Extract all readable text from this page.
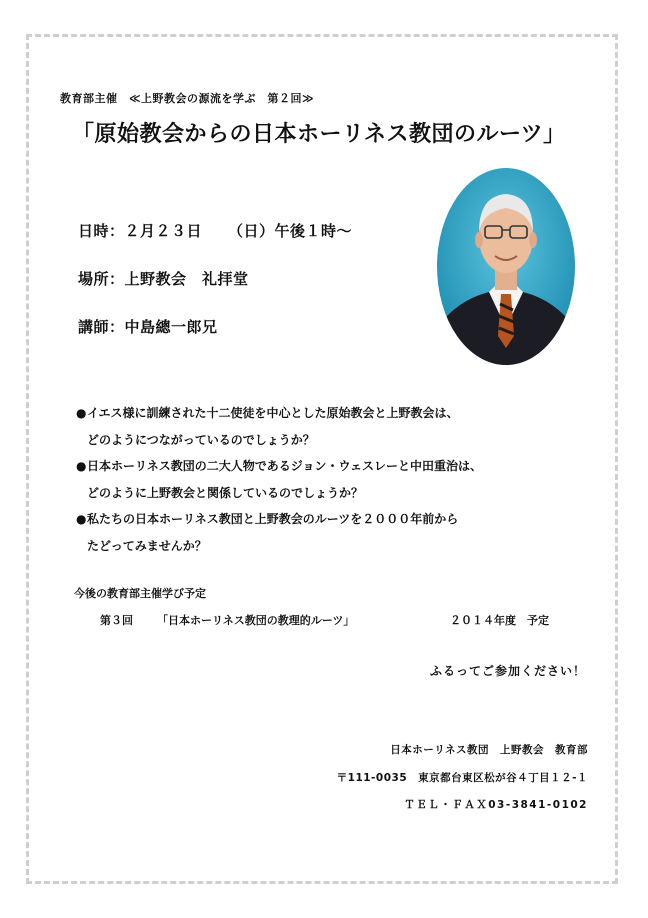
教育部主催　≪上野教会の源流を学ぶ　第２回≫
「原始教会からの日本ホーリネス教団のルーツ」
日時：２月２３日 （日）午後１時～
場所：上野教会　礼拝堂
講師：中島總一郎兄
●イエス様に訓練された十二使徒を中心とした原始教会と上野教会は、
どのようにつながっているのでしょうか？
●日本ホーリネス教団の二大人物であるジョン・ウェスレーと中田重治は、
どのように上野教会と関係しているのでしょうか？
●私たちの日本ホーリネス教団と上野教会のルーツを２０００年前から
たどってみませんか？
今後の教育部主催学び予定
第３回 「日本ホーリネス教団の教理的ルーツ」	２０１４年度　予定
ふるってご参加ください！
日本ホーリネス教団　上野教会　教育部
〒111-0035　東京都台東区松が谷４丁目１２-１
ＴＥＬ・ＦＡＸ03-3841-0102
